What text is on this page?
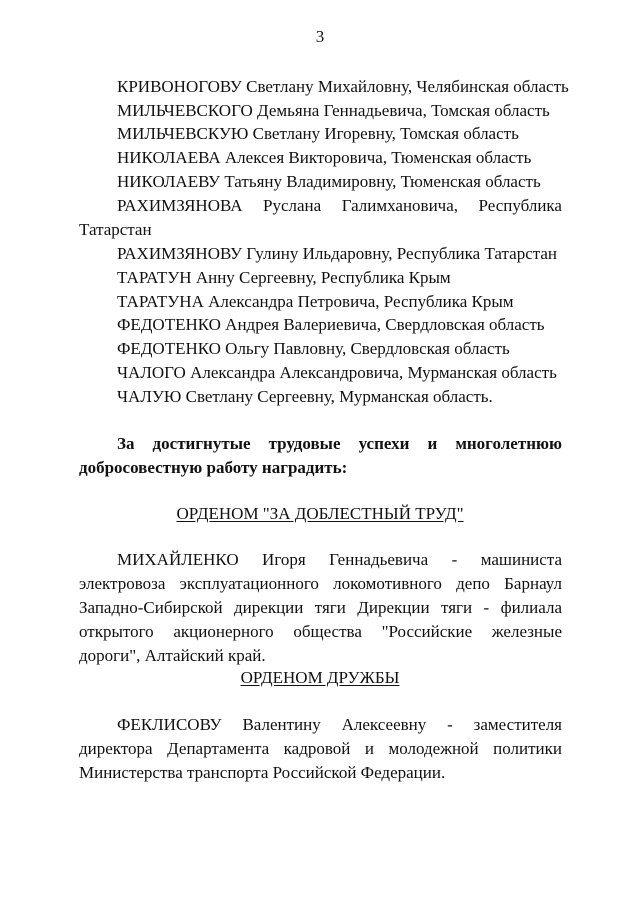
3
КРИВОНОГОВУ Светлану Михайловну, Челябинская область
МИЛЬЧЕВСКОГО Демьяна Геннадьевича, Томская область
МИЛЬЧЕВСКУЮ Светлану Игоревну, Томская область
НИКОЛАЕВА Алексея Викторовича, Тюменская область
НИКОЛАЕВУ Татьяну Владимировну, Тюменская область
РАХИМЗЯНОВА Руслана Галимхановича, Республика
Татарстан
РАХИМЗЯНОВУ Гулину Ильдаровну, Республика Татарстан
ТАРАТУН Анну Сергеевну, Республика Крым
ТАРАТУНА Александра Петровича, Республика Крым
ФЕДОТЕНКО Андрея Валериевича, Свердловская область
ФЕДОТЕНКО Ольгу Павловну, Свердловская область
ЧАЛОГО Александра Александровича, Мурманская область
ЧАЛУЮ Светлану Сергеевну, Мурманская область.
За достигнутые трудовые успехи и многолетнюю
добросовестную работу наградить:
ОРДЕНОМ "ЗА ДОБЛЕСТНЫЙ ТРУД"
МИХАЙЛЕНКО Игоря Геннадьевича - машиниста электровоза эксплуатационного локомотивного депо Барнаул Западно-Сибирской дирекции тяги Дирекции тяги - филиала открытого акционерного общества "Российские железные дороги", Алтайский край.
ОРДЕНОМ ДРУЖБЫ
ФЕКЛИСОВУ Валентину Алексеевну - заместителя директора Департамента кадровой и молодежной политики Министерства транспорта Российской Федерации.
